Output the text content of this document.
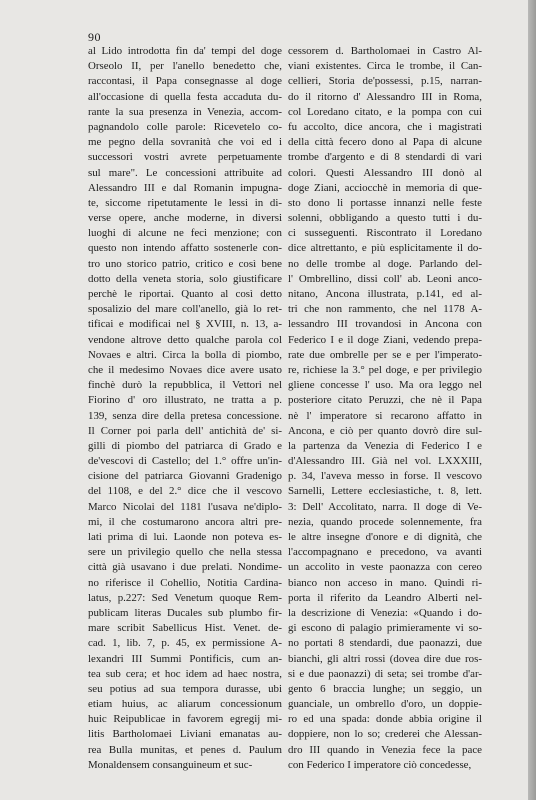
90
al Lido introdotta fin da' tempi del doge
Orseolo II, per l'anello benedetto che,
raccontasi, il Papa consegnasse al doge
all'occasione di quella festa accaduta du-
rante la sua presenza in Venezia, accom-
pagnandolo colle parole: Ricevetelo co-
me pegno della sovranità che voi ed i
successori vostri avrete perpetuamente
sul mare". Le concessioni attribuite ad
Alessandro III e dal Romanin impugna-
te, siccome ripetutamente le lessi in di-
verse opere, anche moderne, in diversi
luoghi di alcune ne feci menzione; con
questo non intendo affatto sostenerle con-
tro uno storico patrio, critico e così bene
dotto della veneta storia, solo giustificare
perchè le riportai. Quanto al così detto
sposalizio del mare coll'anello, già lo ret-
tificai e modificai nel § XVIII, n. 13, a-
vendone altrove detto qualche parola col
Novaes e altri. Circa la bolla di piombo,
che il medesimo Novaes dice avere usato
finchè durò la repubblica, il Vettori nel
Fiorino d' oro illustrato, ne tratta a p.
139, senza dire della pretesa concessione.
Il Corner poi parla dell' antichità de' si-
gilli di piombo del patriarca di Grado e
de'vescovi di Castello; del 1.° offre un'in-
cisione del patriarca Giovanni Gradenigo
del 1108, e del 2.° dice che il vescovo
Marco Nicolai del 1181 l'usava ne'diplo-
mi, il che costumarono ancora altri pre-
lati prima di lui. Laonde non poteva es-
sere un privilegio quello che nella stessa
città già usavano i due prelati. Nondime-
no riferisce il Cohellio, Notitia Cardina-
latus, p.227: Sed Venetum quoque Rem-
publicam literas Ducales sub plumbo fir-
mare scribit Sabellicus Hist. Venet. de-
cad. 1, lib. 7, p. 45, ex permissione A-
lexandri III Summi Pontificis, cum an-
tea sub cera; et hoc idem ad haec nostra,
seu potius ad sua tempora durasse, ubi
etiam huius, ac aliarum concessionum
huic Reipublicae in favorem egregij mi-
litis Bartholomaei Liviani emanatas au-
rea Bulla munitas, et penes d. Paulum
Monaldensem consanguineum et suc-
cessorem d. Bartholomaei in Castro Al-
viani existentes. Circa le trombe, il Can-
cellieri, Storia de'possessi, p.15, narran-
do il ritorno d' Alessandro III in Roma,
col Loredano citato, e la pompa con cui
fu accolto, dice ancora, che i magistrati
della città fecero dono al Papa di alcune
trombe d'argento e di 8 stendardi di vari
colori. Questi Alessandro III donò al
doge Ziani, acciocchè in memoria di que-
sto dono li portasse innanzi nelle feste
solenni, obbligando a questo tutti i du-
ci susseguenti. Riscontrato il Loredano
dice altrettanto, e più esplicitamente il do-
no delle trombe al doge. Parlando del-
l' Ombrellino, dissi coll' ab. Leoni anco-
nitano, Ancona illustrata, p.141, ed al-
tri che non rammento, che nel 1178 A-
lessandro III trovandosi in Ancona con
Federico I e il doge Ziani, vedendo prepa-
rate due ombrelle per se e per l'imperato-
re, richiese la 3.° pel doge, e per privilegio
gliene concesse l' uso. Ma ora leggo nel
posteriore citato Peruzzi, che nè il Papa
nè l' imperatore si recarono affatto in
Ancona, e ciò per quanto dovrò dire sul-
la partenza da Venezia di Federico I e
d'Alessandro III. Già nel vol. LXXXIII,
p. 34, l'aveva messo in forse. Il vescovo
Sarnelli, Lettere ecclesiastiche, t. 8, lett.
3: Dell' Accolitato, narra. Il doge di Ve-
nezia, quando procede solennemente, fra
le altre insegne d'onore e di dignità, che
l'accompagnano e precedono, va avanti
un accolito in veste paonazza con cereo
bianco non acceso in mano. Quindi ri-
porta il riferito da Leandro Alberti nel-
la descrizione di Venezia: «Quando i do-
gi escono di palagio primieramente vi so-
no portati 8 stendardi, due paonazzi, due
bianchi, gli altri rossi (dovea dire due ros-
si e due paonazzi) di seta; sei trombe d'ar-
gento 6 braccia lunghe; un seggio, un
guanciale, un ombrello d'oro, un doppie-
ro ed una spada: donde abbia origine il
doppiere, non lo so; crederei che Alessan-
dro III quando in Venezia fece la pace
con Federico I imperatore ciò concedesse,
